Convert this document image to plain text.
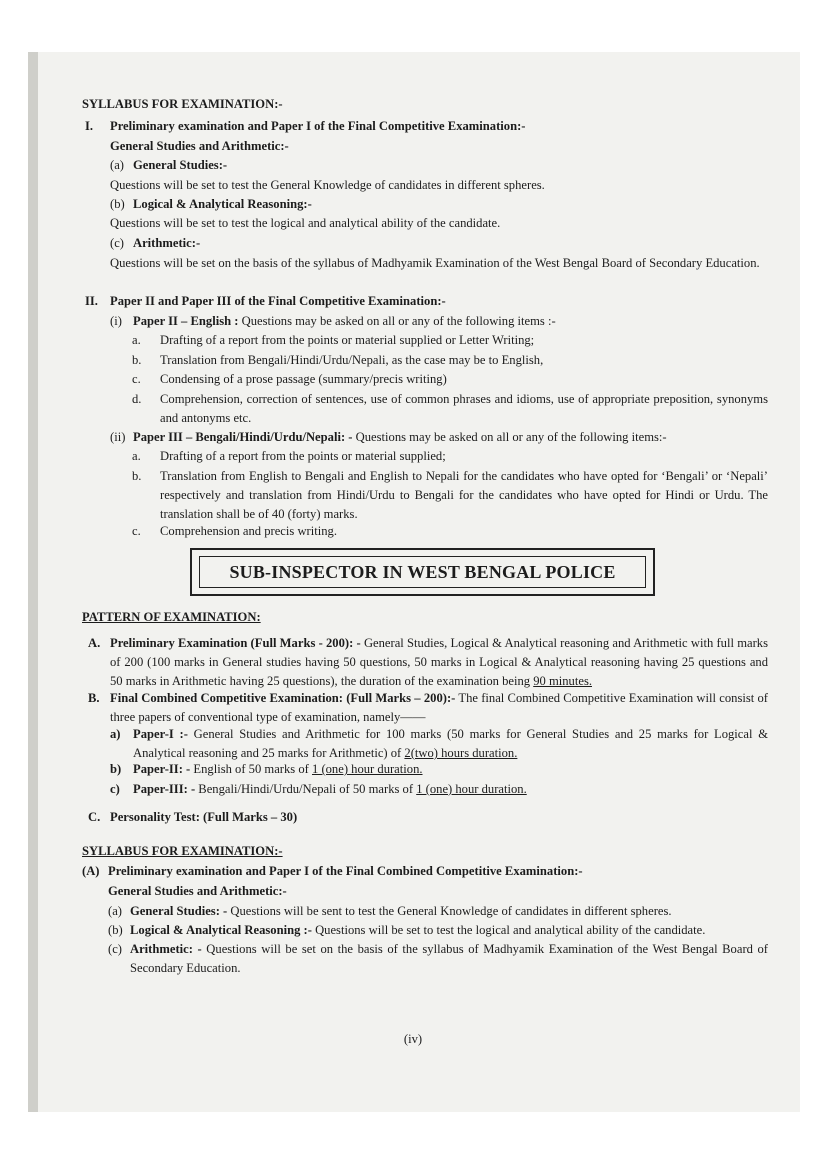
SYLLABUS FOR EXAMINATION:-
I. Preliminary examination and Paper I of the Final Competitive Examination:-
General Studies and Arithmetic:-
(a) General Studies:-
Questions will be set to test the General Knowledge of candidates in different spheres.
(b) Logical & Analytical Reasoning:-
Questions will be set to test the logical and analytical ability of the candidate.
(c) Arithmetic:-
Questions will be set on the basis of the syllabus of Madhyamik Examination of the West Bengal Board of Secondary Education.
II. Paper II and Paper III of the Final Competitive Examination:-
(i) Paper II – English : Questions may be asked on all or any of the following items :-
a. Drafting of a report from the points or material supplied or Letter Writing;
b. Translation from Bengali/Hindi/Urdu/Nepali, as the case may be to English,
c. Condensing of a prose passage (summary/precis writing)
d. Comprehension, correction of sentences, use of common phrases and idioms, use of appropriate preposition, synonyms and antonyms etc.
(ii) Paper III – Bengali/Hindi/Urdu/Nepali: - Questions may be asked on all or any of the following items:-
a. Drafting of a report from the points or material supplied;
b. Translation from English to Bengali and English to Nepali for the candidates who have opted for ‘Bengali’ or ‘Nepali’ respectively and translation from Hindi/Urdu to Bengali for the candidates who have opted for Hindi or Urdu. The translation shall be of 40 (forty) marks.
c. Comprehension and precis writing.
SUB-INSPECTOR IN WEST BENGAL POLICE
PATTERN OF EXAMINATION:
A. Preliminary Examination (Full Marks - 200): - General Studies, Logical & Analytical reasoning and Arithmetic with full marks of 200 (100 marks in General studies having 50 questions, 50 marks in Logical & Analytical reasoning having 25 questions and 50 marks in Arithmetic having 25 questions), the duration of the examination being 90 minutes.
B. Final Combined Competitive Examination: (Full Marks – 200):- The final Combined Competitive Examination will consist of three papers of conventional type of examination, namely——
a) Paper-I :- General Studies and Arithmetic for 100 marks (50 marks for General Studies and 25 marks for Logical & Analytical reasoning and 25 marks for Arithmetic) of 2(two) hours duration.
b) Paper-II: - English of 50 marks of 1 (one) hour duration.
c) Paper-III: - Bengali/Hindi/Urdu/Nepali of 50 marks of 1 (one) hour duration.
C. Personality Test: (Full Marks – 30)
SYLLABUS FOR EXAMINATION:-
(A) Preliminary examination and Paper I of the Final Combined Competitive Examination:-
General Studies and Arithmetic:-
(a) General Studies: - Questions will be sent to test the General Knowledge of candidates in different spheres.
(b) Logical & Analytical Reasoning :- Questions will be set to test the logical and analytical ability of the candidate.
(c) Arithmetic: - Questions will be set on the basis of the syllabus of Madhyamik Examination of the West Bengal Board of Secondary Education.
(iv)
